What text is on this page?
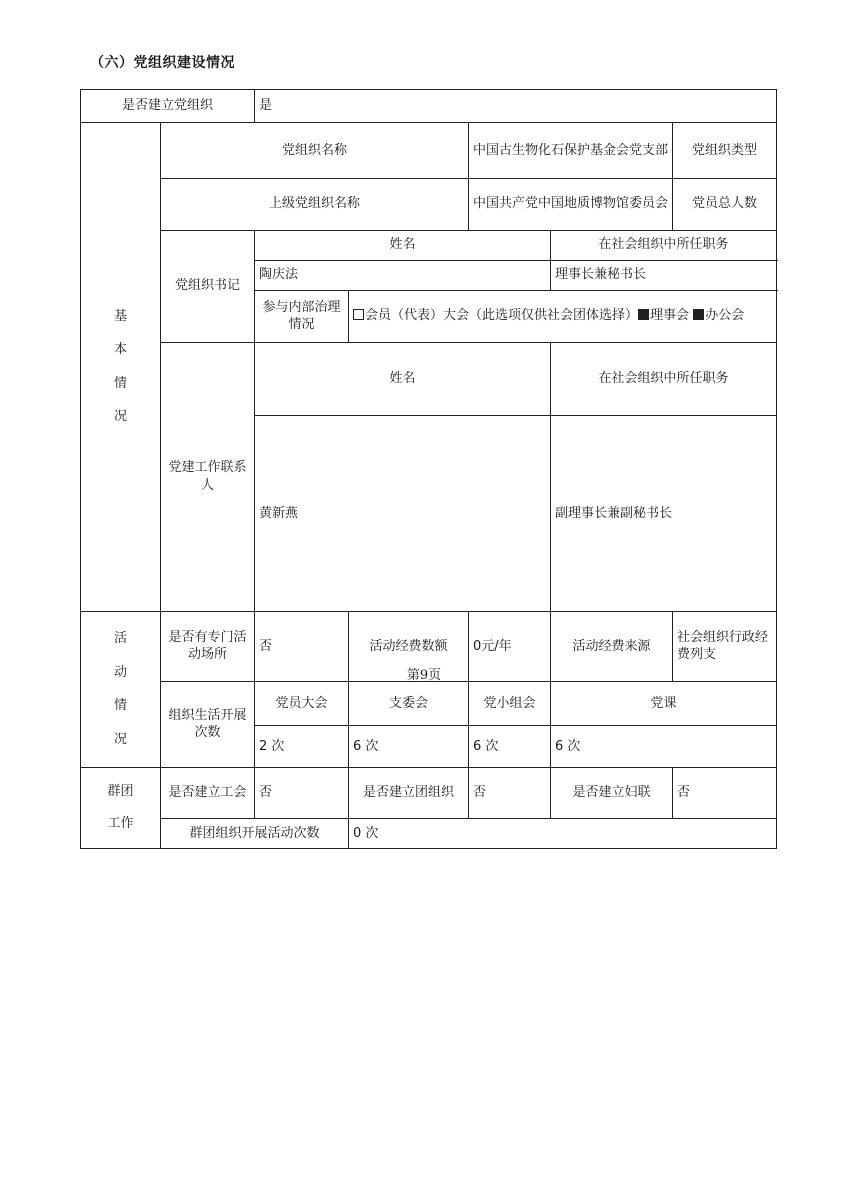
（六）党组织建设情况
是否建立党组织		是					

基
本
情
况	党组织名称			中国古生物化石保护基金会党支部		党组织类型	
	上级党组织名称			中国共产党中国地质博物馆委员会		党员总人数	
	党组织书记	姓名			在社会组织中所任职务		
		陶庆法			理事长兼秘书长		
		参与内部治理情况	会员（代表）大会（此选项仅供社会团体选择） 理事会 办公会				
	党建工作联系人	姓名			在社会组织中所任职务	
		黄新燕			副理事长兼副秘书长	

活
动
情
况	是否有专门活动场所	否	活动经费数额	0元/年	活动经费来源	社会组织行政经费列支	
	组织生活开展次数	党员大会	支委会	党小组会	党课		
		2 次	6 次	6 次	6 次		

群团
工作	是否建立工会	否	是否建立团组织	否	是否建立妇联	否	
	群团组织开展活动次数		0 次				
第9页
